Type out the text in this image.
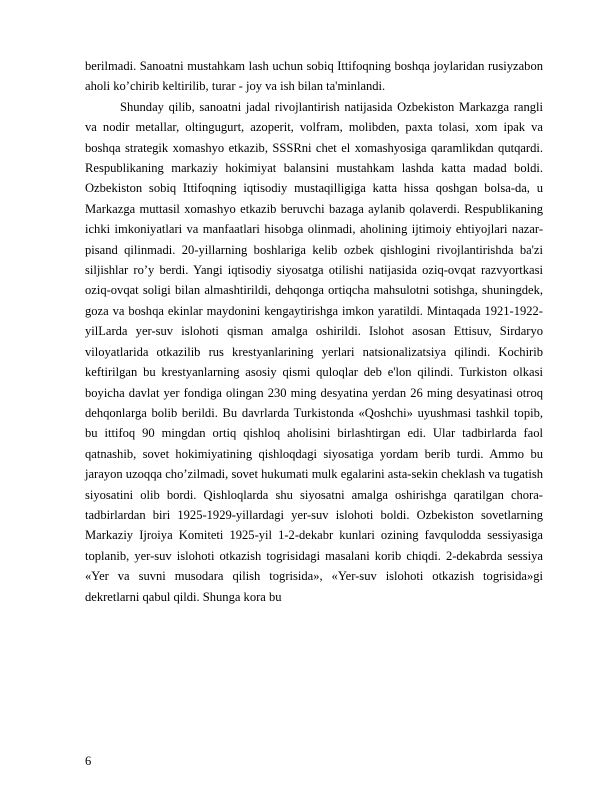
berilmadi. Sanoatni mustahkam lash uchun sobiq Ittifoqning boshqa joylaridan rusiyzabon aholi ko’chirib keltirilib, turar - joy va ish bilan ta'minlandi.

Shunday qilib, sanoatni jadal rivojlantirish natijasida Ozbekiston Markazga rangli va nodir metallar, oltingugurt, azoperit, volfram, molibden, paxta tolasi, xom ipak va boshqa strategik xomashyo etkazib, SSSRni chet el xomashyosiga qaramlikdan qutqardi. Respublikaning markaziy hokimiyat balansini mustahkam lashda katta madad boldi. Ozbekiston sobiq Ittifoqning iqtisodiy mustaqilligiga katta hissa qoshgan bolsa-da, u Markazga muttasil xomashyo etkazib beruvchi bazaga aylanib qolaverdi. Respublikaning ichki imkoniyatlari va manfaatlari hisobga olinmadi, aholining ijtimoiy ehtiyojlari nazar-pisand qilinmadi. 20-yillarning boshlariga kelib ozbek qishlogini rivojlantirishda ba'zi siljishlar ro’y berdi. Yangi iqtisodiy siyosatga otilishi natijasida oziq-ovqat razvyortkasi oziq-ovqat soligi bilan almashtirildi, dehqonga ortiqcha mahsulotni sotishga, shuningdek, goza va boshqa ekinlar maydonini kengaytirishga imkon yaratildi. Mintaqada 1921-1922-yilLarda yer-suv islohoti qisman amalga oshirildi. Islohot asosan Ettisuv, Sirdaryo viloyatlarida otkazilib rus krestyanlarining yerlari natsionalizatsiya qilindi. Kochirib keftirilgan bu krestyanlarning asosiy qismi quloqlar deb e'lon qilindi. Turkiston olkasi boyicha davlat yer fondiga olingan 230 ming desyatina yerdan 26 ming desyatinasi otroq dehqonlarga bolib berildi. Bu davrlarda Turkistonda «Qoshchi» uyushmasi tashkil topib, bu ittifoq 90 mingdan ortiq qishloq aholisini birlashtirgan edi. Ular tadbirlarda faol qatnashib, sovet hokimiyatining qishloqdagi siyosatiga yordam berib turdi. Ammo bu jarayon uzoqqa cho’zilmadi, sovet hukumati mulk egalarini asta-sekin cheklash va tugatish siyosatini olib bordi. Qishloqlarda shu siyosatni amalga oshirishga qaratilgan chora- tadbirlardan biri 1925-1929-yillardagi yer-suv islohoti boldi. Ozbekiston sovetlarning Markaziy Ijroiya Komiteti 1925-yil 1-2-dekabr kunlari ozining favqulodda sessiyasiga toplanib, yer-suv islohoti otkazish togrisidagi masalani korib chiqdi. 2-dekabrda sessiya «Yer va suvni musodara qilish togrisida», «Yer-suv islohoti otkazish togrisida»gi dekretlarni qabul qildi. Shunga kora bu

6
